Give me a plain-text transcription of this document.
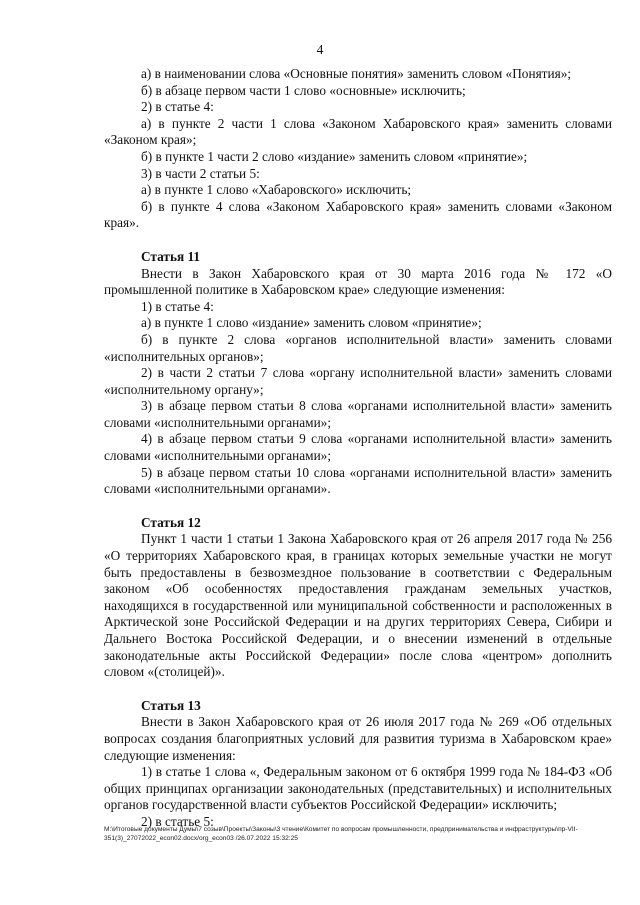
4

а) в наименовании слова «Основные понятия» заменить словом «Понятия»;

б) в абзаце первом части 1 слово «основные» исключить;

2) в статье 4:

а) в пункте 2 части 1 слова «Законом Хабаровского края» заменить словами «Законом края»;

б) в пункте 1 части 2 слово «издание» заменить словом «принятие»;

3) в части 2 статьи 5:

а) в пункте 1 слово «Хабаровского» исключить;

б) в пункте 4 слова «Законом Хабаровского края» заменить словами «Законом края».

Статья 11

Внести в Закон Хабаровского края от 30 марта 2016 года № 172 «О промышленной политике в Хабаровском крае» следующие изменения:

1) в статье 4:

а) в пункте 1 слово «издание» заменить словом «принятие»;

б) в пункте 2 слова «органов исполнительной власти» заменить словами «исполнительных органов»;

2) в части 2 статьи 7 слова «органу исполнительной власти» заменить словами «исполнительному органу»;

3) в абзаце первом статьи 8 слова «органами исполнительной власти» заменить словами «исполнительными органами»;

4) в абзаце первом статьи 9 слова «органами исполнительной власти» заменить словами «исполнительными органами»;

5) в абзаце первом статьи 10 слова «органами исполнительной власти» заменить словами «исполнительными органами».

Статья 12

Пункт 1 части 1 статьи 1 Закона Хабаровского края от 26 апреля 2017 года № 256 «О территориях Хабаровского края, в границах которых земельные участки не могут быть предоставлены в безвозмездное пользование в соответствии с Федеральным законом «Об особенностях предоставления гражданам земельных участков, находящихся в государственной или муниципальной собственности и расположенных в Арктической зоне Российской Федерации и на других территориях Севера, Сибири и Дальнего Востока Российской Федерации, и о внесении изменений в отдельные законодательные акты Российской Федерации» после слова «центром» дополнить словом «(столицей)».

Статья 13

Внести в Закон Хабаровского края от 26 июля 2017 года № 269 «Об отдельных вопросах создания благоприятных условий для развития туризма в Хабаровском крае» следующие изменения:

1) в статье 1 слова «, Федеральным законом от 6 октября 1999 года № 184-ФЗ «Об общих принципах организации законодательных (представительных) и исполнительных органов государственной власти субъектов Российской Федерации» исключить;

2) в статье 5:

М:\Итоговые документы Думы\7 созыв\Проекты\Законы\3 чтение\Комитет по вопросам промышленности, предпринимательства и инфраструктуры\пр-VII-
351(3)_27072022_econ02.docx/org_econ03 /26.07.2022 15:32:25
